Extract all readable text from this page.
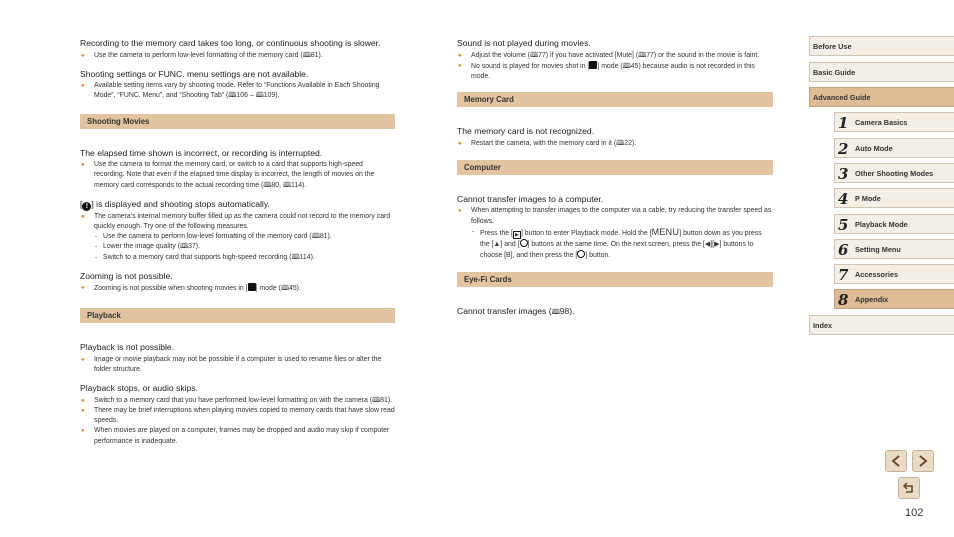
Recording to the memory card takes too long, or continuous shooting is slower.

● Use the camera to perform low-level formatting of the memory card (🕮81).

Shooting settings or FUNC. menu settings are not available.

● Available setting items vary by shooting mode. Refer to “Functions Available in Each Shooting Mode”, “FUNC. Menu”, and “Shooting Tab” (🕮106 – 🕮109).
Shooting Movies

The elapsed time shown is incorrect, or recording is interrupted.

● Use the camera to format the memory card, or switch to a card that supports high-speed recording. Note that even if the elapsed time display is incorrect, the length of movies on the memory card corresponds to the actual recording time (🕮80, 🕮114).

[ ! ] is displayed and shooting stops automatically.

● The camera’s internal memory buffer filled up as the camera could not record to the memory card quickly enough. Try one of the following measures.
- Use the camera to perform low-level formatting of the memory card (🕮81).
- Lower the image quality (🕮37).
- Switch to a memory card that supports high-speed recording (🕮114).

Zooming is not possible.

● Zooming is not possible when shooting movies in [ ] mode (🕮45).
Playback

Playback is not possible.

● Image or movie playback may not be possible if a computer is used to rename files or alter the folder structure.

Playback stops, or audio skips.

● Switch to a memory card that you have performed low-level formatting on with the camera (🕮81).
● There may be brief interruptions when playing movies copied to memory cards that have slow read speeds.
● When movies are played on a computer, frames may be dropped and audio may skip if computer performance is inadequate.

Sound is not played during movies.

● Adjust the volume (🕮77) if you have activated [Mute] (🕮77) or the sound in the movie is faint.
● No sound is played for movies shot in [ ] mode (🕮45) because audio is not recorded in this mode.
Memory Card

The memory card is not recognized.

● Restart the camera, with the memory card in it (🕮22).
Computer

Cannot transfer images to a computer.

● When attempting to transfer images to the computer via a cable, try reducing the transfer speed as follows.
- Press the [ ▶ ] button to enter Playback mode. Hold the [MENU] button down as you press the [▲] and [ ] buttons at the same time. On the next screen, press the [◀][▶] buttons to choose [B], and then press the [ ] button.
Eye-Fi Cards

Cannot transfer images (🕮98).

Before Use
Basic Guide
Advanced Guide
1 Camera Basics
2 Auto Mode
3 Other Shooting Modes
4 P Mode
5 Playback Mode
6 Setting Menu
7 Accessories
8 Appendix
Index
102
